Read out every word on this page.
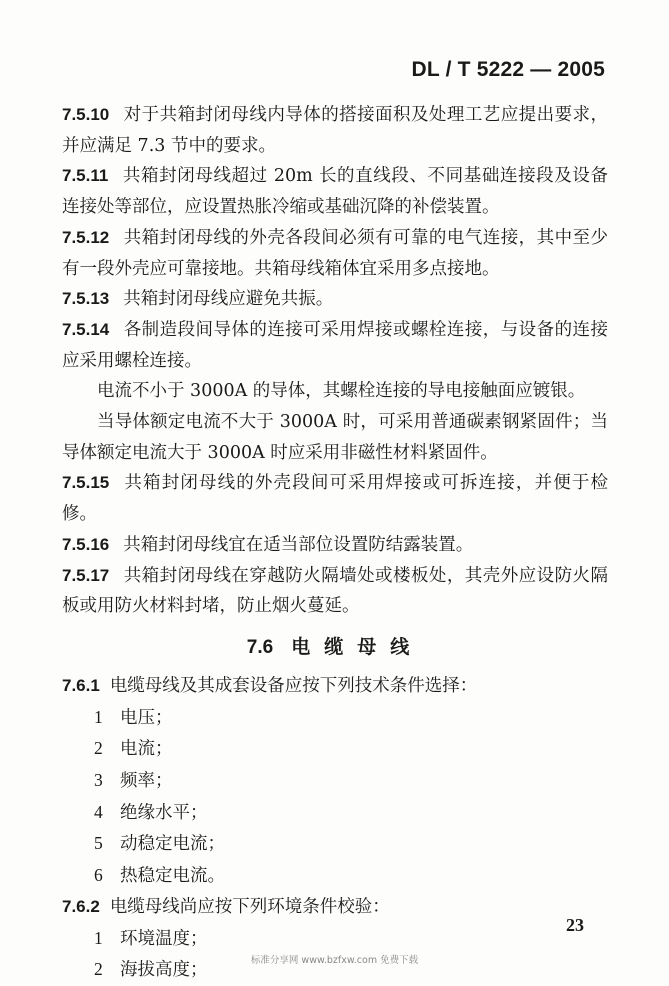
DL / T 5222 — 2005

7.5.10 对于共箱封闭母线内导体的搭接面积及处理工艺应提出要求，并应满足 7.3 节中的要求。

7.5.11 共箱封闭母线超过 20m 长的直线段、不同基础连接段及设备连接处等部位，应设置热胀冷缩或基础沉降的补偿装置。

7.5.12 共箱封闭母线的外壳各段间必须有可靠的电气连接，其中至少有一段外壳应可靠接地。共箱母线箱体宜采用多点接地。

7.5.13 共箱封闭母线应避免共振。

7.5.14 各制造段间导体的连接可采用焊接或螺栓连接，与设备的连接应采用螺栓连接。

电流不小于 3000A 的导体，其螺栓连接的导电接触面应镀银。

当导体额定电流不大于 3000A 时，可采用普通碳素钢紧固件；当导体额定电流大于 3000A 时应采用非磁性材料紧固件。

7.5.15 共箱封闭母线的外壳段间可采用焊接或可拆连接，并便于检修。

7.5.16 共箱封闭母线宜在适当部位设置防结露装置。

7.5.17 共箱封闭母线在穿越防火隔墙处或楼板处，其壳外应设防火隔板或用防火材料封堵，防止烟火蔓延。

7.6 电缆母线

7.6.1 电缆母线及其成套设备应按下列技术条件选择：

1 电压；
2 电流；
3 频率；
4 绝缘水平；
5 动稳定电流；
6 热稳定电流。

7.6.2 电缆母线尚应按下列环境条件校验：

1 环境温度；
2 海拔高度；
23
标准分享网 www.bzfxw.com 免费下载
